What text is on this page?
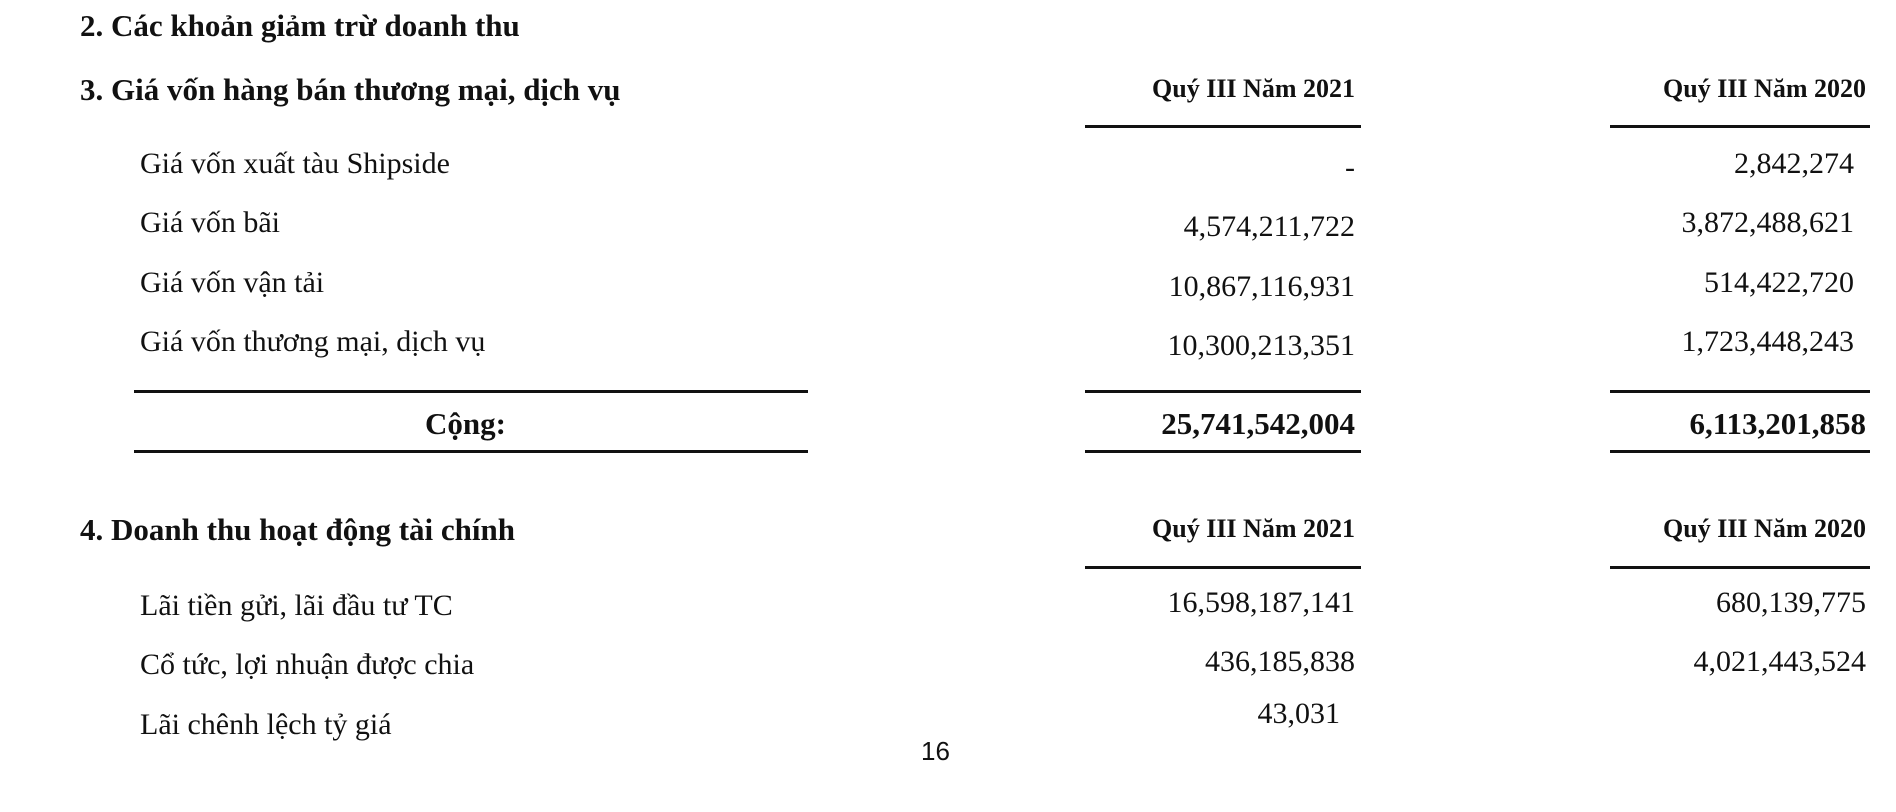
2. Các khoản giảm trừ doanh thu
3. Giá vốn hàng bán thương mại, dịch vụ	Quý III Năm 2021	Quý III Năm 2020
Giá vốn xuất tàu Shipside	-	2,842,274
Giá vốn bãi	4,574,211,722	3,872,488,621
Giá vốn vận tải	10,867,116,931	514,422,720
Giá vốn thương mại, dịch vụ	10,300,213,351	1,723,448,243
Cộng:	25,741,542,004	6,113,201,858
4. Doanh thu hoạt động tài chính	Quý III Năm 2021	Quý III Năm 2020
Lãi tiền gửi, lãi đầu tư TC	16,598,187,141	680,139,775
Cổ tức, lợi nhuận được chia	436,185,838	4,021,443,524
Lãi chênh lệch tỷ giá	43,031
16
